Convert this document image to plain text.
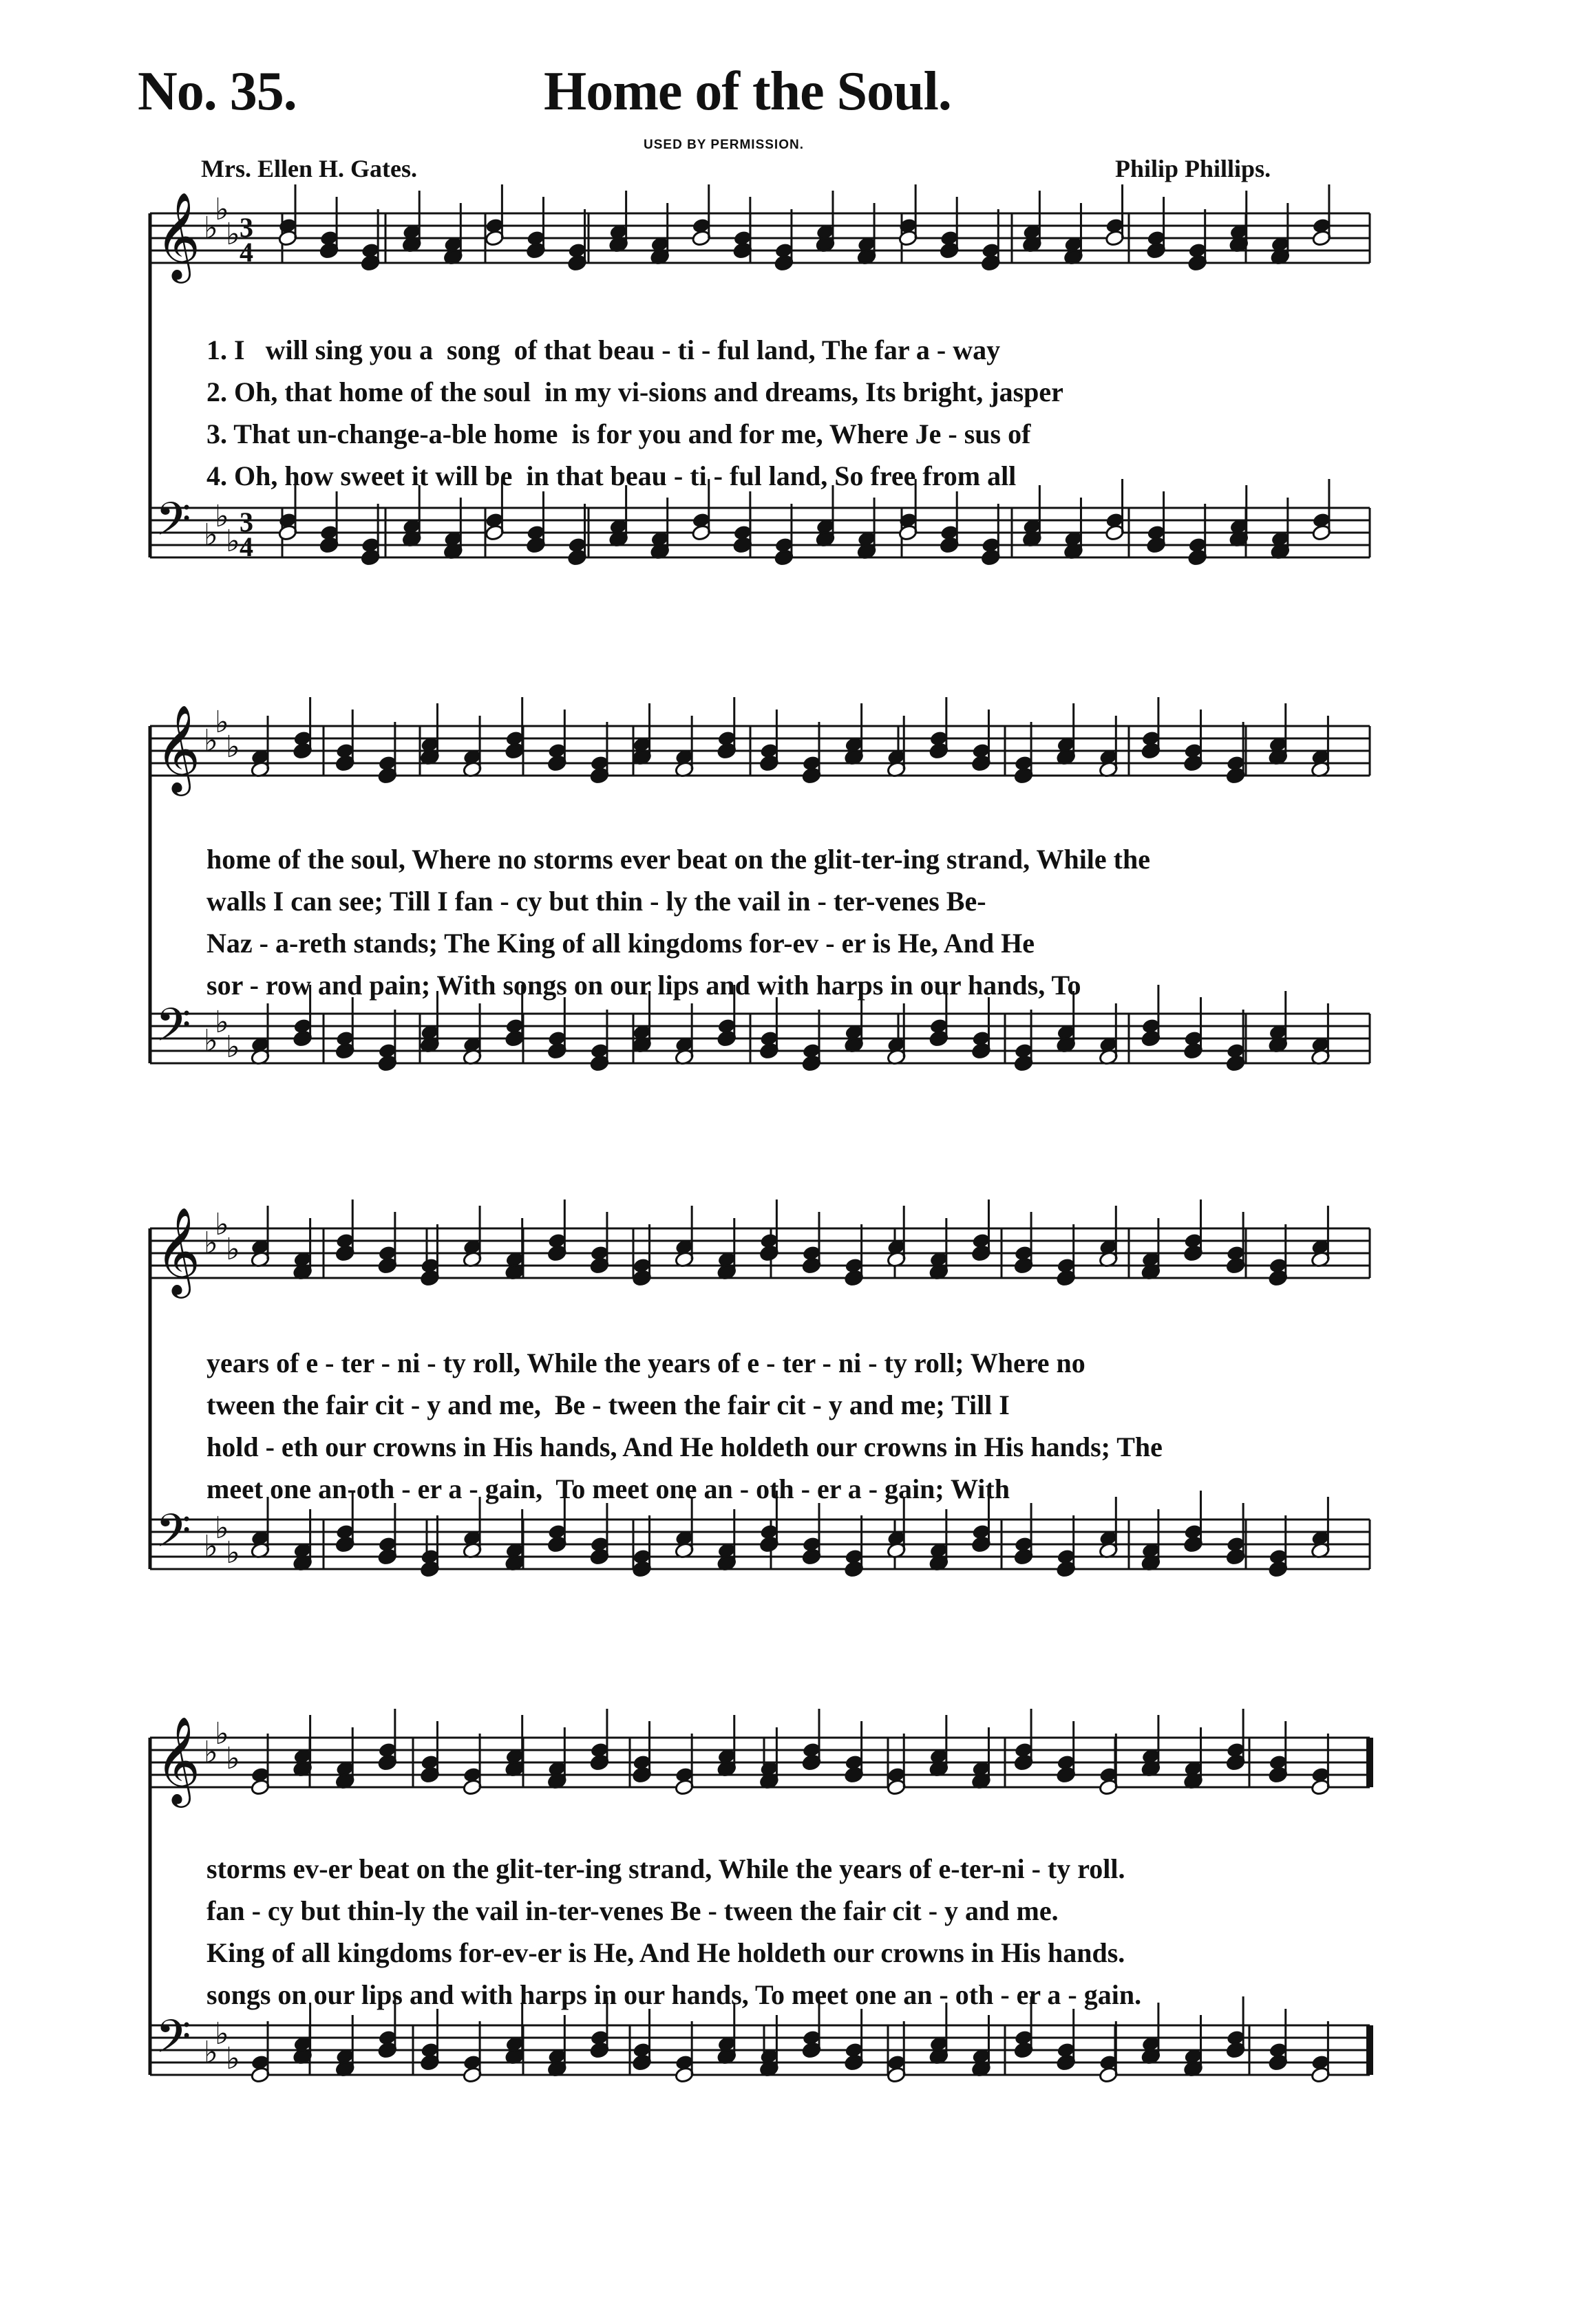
No. 35.	Home of the Soul.
USED BY PERMISSION.
Mrs. Ellen H. Gates.	Philip Phillips.
𝄞 ♭
♭
♭ 3
4
𝄢 ♭
♭
♭
3
4
𝄞 ♭
♭
♭
𝄢 ♭
♭
♭
𝄞 ♭
♭
♭
𝄢 ♭
♭
♭
𝄞 ♭
♭
♭
𝄢 ♭
♭
♭
1. I   will sing you a  song  of that beau - ti - ful land, The far a - way
2. Oh, that home of the soul  in my vi-sions and dreams, Its bright, jasper
3. That un-change-a-ble home  is for you and for me, Where Je - sus of
4. Oh, how sweet it will be  in that beau - ti - ful land, So free from all
home of the soul, Where no storms ever beat on the glit-ter-ing strand, While the
walls I can see; Till I fan - cy but thin - ly the vail in - ter-venes Be-
Naz - a-reth stands; The King of all kingdoms for-ev - er is He, And He
sor - row and pain; With songs on our lips and with harps in our hands, To
years of e - ter - ni - ty roll, While the years of e - ter - ni - ty roll; Where no
tween the fair cit - y and me,  Be - tween the fair cit - y and me; Till I
hold - eth our crowns in His hands, And He holdeth our crowns in His hands; The
meet one an-oth - er a - gain,  To meet one an - oth - er a - gain; With
storms ev-er beat on the glit-ter-ing strand, While the years of e-ter-ni - ty roll.
fan - cy but thin-ly the vail in-ter-venes Be - tween the fair cit - y and me.
King of all kingdoms for-ev-er is He, And He holdeth our crowns in His hands.
songs on our lips and with harps in our hands, To meet one an - oth - er a - gain.
